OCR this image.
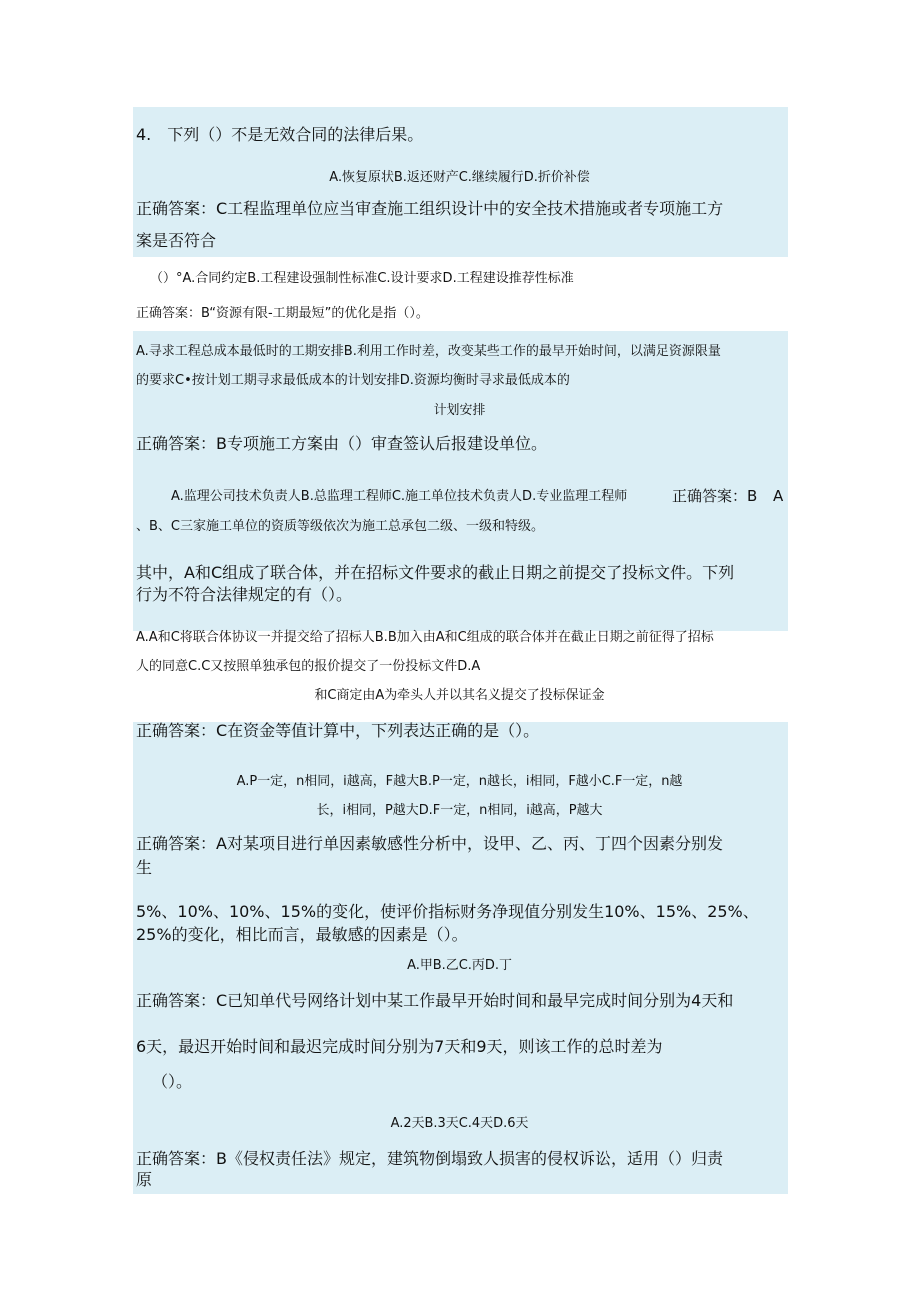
4.　下列（）不是无效合同的法律后果。
A.恢复原状B.返还财产C.继续履行D.折价补偿
正确答案：C工程监理单位应当审查施工组织设计中的安全技术措施或者专项施工方
案是否符合
（）°A.合同约定B.工程建设强制性标准C.设计要求D.工程建设推荐性标准
正确答案：B“资源有限-工期最短”的优化是指（）。
A.寻求工程总成本最低时的工期安排B.利用工作时差，改变某些工作的最早开始时间，以满足资源限量
的要求C•按计划工期寻求最低成本的计划安排D.资源均衡时寻求最低成本的
计划安排
正确答案：B专项施工方案由（）审查签认后报建设单位。
A.监理公司技术负责人B.总监理工程师C.施工单位技术负责人D.专业监理工程师	正确答案：B A
、B、C三家施工单位的资质等级依次为施工总承包二级、一级和特级。
其中，A和C组成了联合体，并在招标文件要求的截止日期之前提交了投标文件。下列
行为不符合法律规定的有（）。
A.A和C将联合体协议一并提交给了招标人B.B加入由A和C组成的联合体并在截止日期之前征得了招标
人的同意C.C又按照单独承包的报价提交了一份投标文件D.A
和C商定由A为牵头人并以其名义提交了投标保证金
正确答案：C在资金等值计算中，下列表达正确的是（）。
A.P一定，n相同，i越高，F越大B.P一定，n越长，i相同，F越小C.F一定，n越
长，i相同，P越大D.F一定，n相同，i越高，P越大
正确答案：A对某项目进行单因素敏感性分析中，设甲、乙、丙、丁四个因素分别发
生
5%、10%、10%、15%的变化，使评价指标财务净现值分别发生10%、15%、25%、
25%的变化，相比而言，最敏感的因素是（）。
A.甲B.乙C.丙D.丁
正确答案：C已知单代号网络计划中某工作最早开始时间和最早完成时间分别为4天和
6天，最迟开始时间和最迟完成时间分别为7天和9天，则该工作的总时差为
（）。
A.2天B.3天C.4天D.6天
正确答案：B《侵权责任法》规定，建筑物倒塌致人损害的侵权诉讼，适用（）归责
原
